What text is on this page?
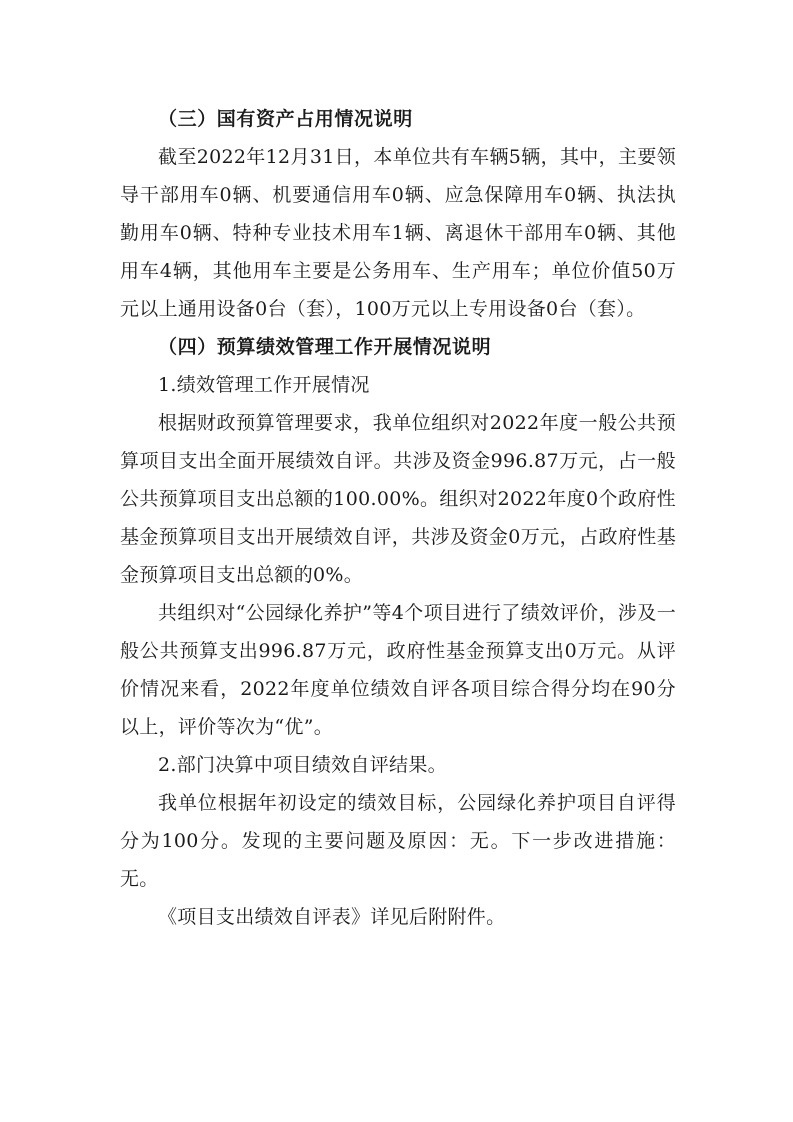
（三）国有资产占用情况说明

截至2022年12月31日，本单位共有车辆5辆，其中，主要领导干部用车0辆、机要通信用车0辆、应急保障用车0辆、执法执勤用车0辆、特种专业技术用车1辆、离退休干部用车0辆、其他用车4辆，其他用车主要是公务用车、生产用车；单位价值50万元以上通用设备0台（套），100万元以上专用设备0台（套）。

（四）预算绩效管理工作开展情况说明

1.绩效管理工作开展情况

根据财政预算管理要求，我单位组织对2022年度一般公共预算项目支出全面开展绩效自评。共涉及资金996.87万元，占一般公共预算项目支出总额的100.00%。组织对2022年度0个政府性基金预算项目支出开展绩效自评，共涉及资金0万元，占政府性基金预算项目支出总额的0%。

共组织对“公园绿化养护”等4个项目进行了绩效评价，涉及一般公共预算支出996.87万元，政府性基金预算支出0万元。从评价情况来看，2022年度单位绩效自评各项目综合得分均在90分以上，评价等次为“优”。

2.部门决算中项目绩效自评结果。

我单位根据年初设定的绩效目标，公园绿化养护项目自评得分为100分。发现的主要问题及原因：无。下一步改进措施：无。

《项目支出绩效自评表》详见后附附件。
